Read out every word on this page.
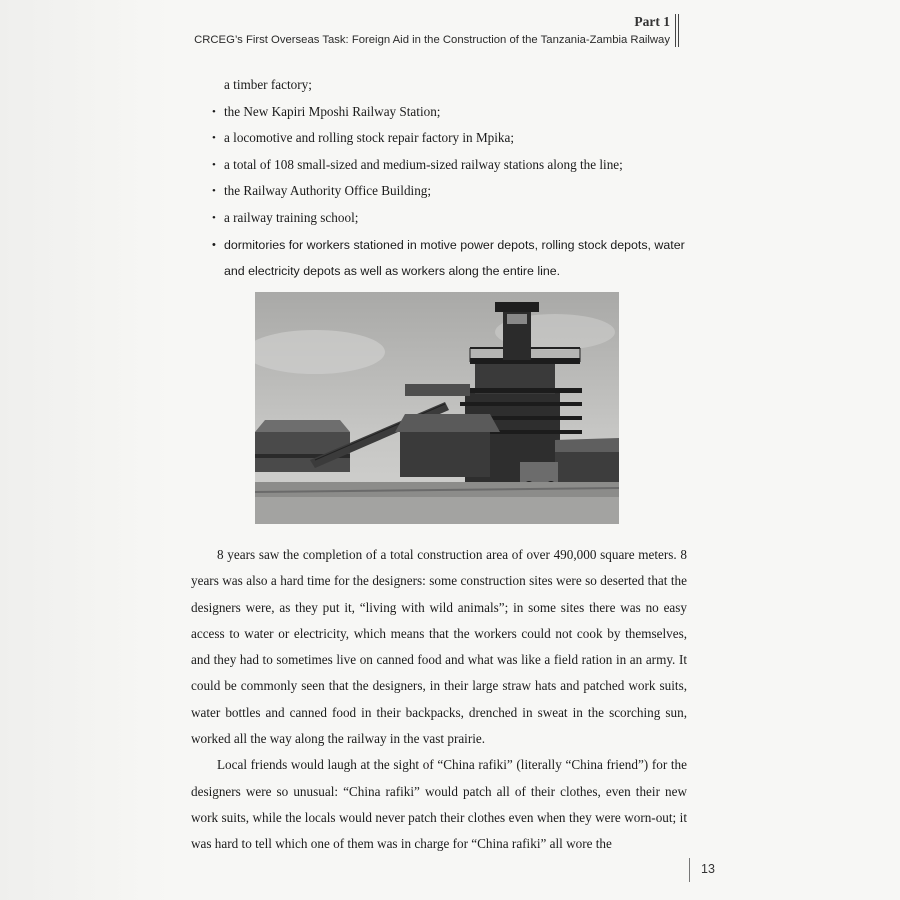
Part 1
CRCEG’s First Overseas Task: Foreign Aid in the Construction of the Tanzania-Zambia Railway
a timber factory;
• the New Kapiri Mposhi Railway Station;
• a locomotive and rolling stock repair factory in Mpika;
• a total of 108 small-sized and medium-sized railway stations along the line;
• the Railway Authority Office Building;
• a railway training school;
• dormitories for workers stationed in motive power depots, rolling stock depots, water
and electricity depots as well as workers along the entire line.

8 years saw the completion of a total construction area of over 490,000 square meters. 8 years was also a hard time for the designers: some construction sites were so deserted that the designers were, as they put it, “living with wild animals”; in some sites there was no easy access to water or electricity, which means that the workers could not cook by themselves, and they had to sometimes live on canned food and what was like a field ration in an army. It could be commonly seen that the designers, in their large straw hats and patched work suits, water bottles and canned food in their backpacks, drenched in sweat in the scorching sun, worked all the way along the railway in the vast prairie.

Local friends would laugh at the sight of “China rafiki” (literally “China friend”) for the designers were so unusual: “China rafiki” would patch all of their clothes, even their new work suits, while the locals would never patch their clothes even when they were worn-out; it was hard to tell which one of them was in charge for “China rafiki” all wore the

13
